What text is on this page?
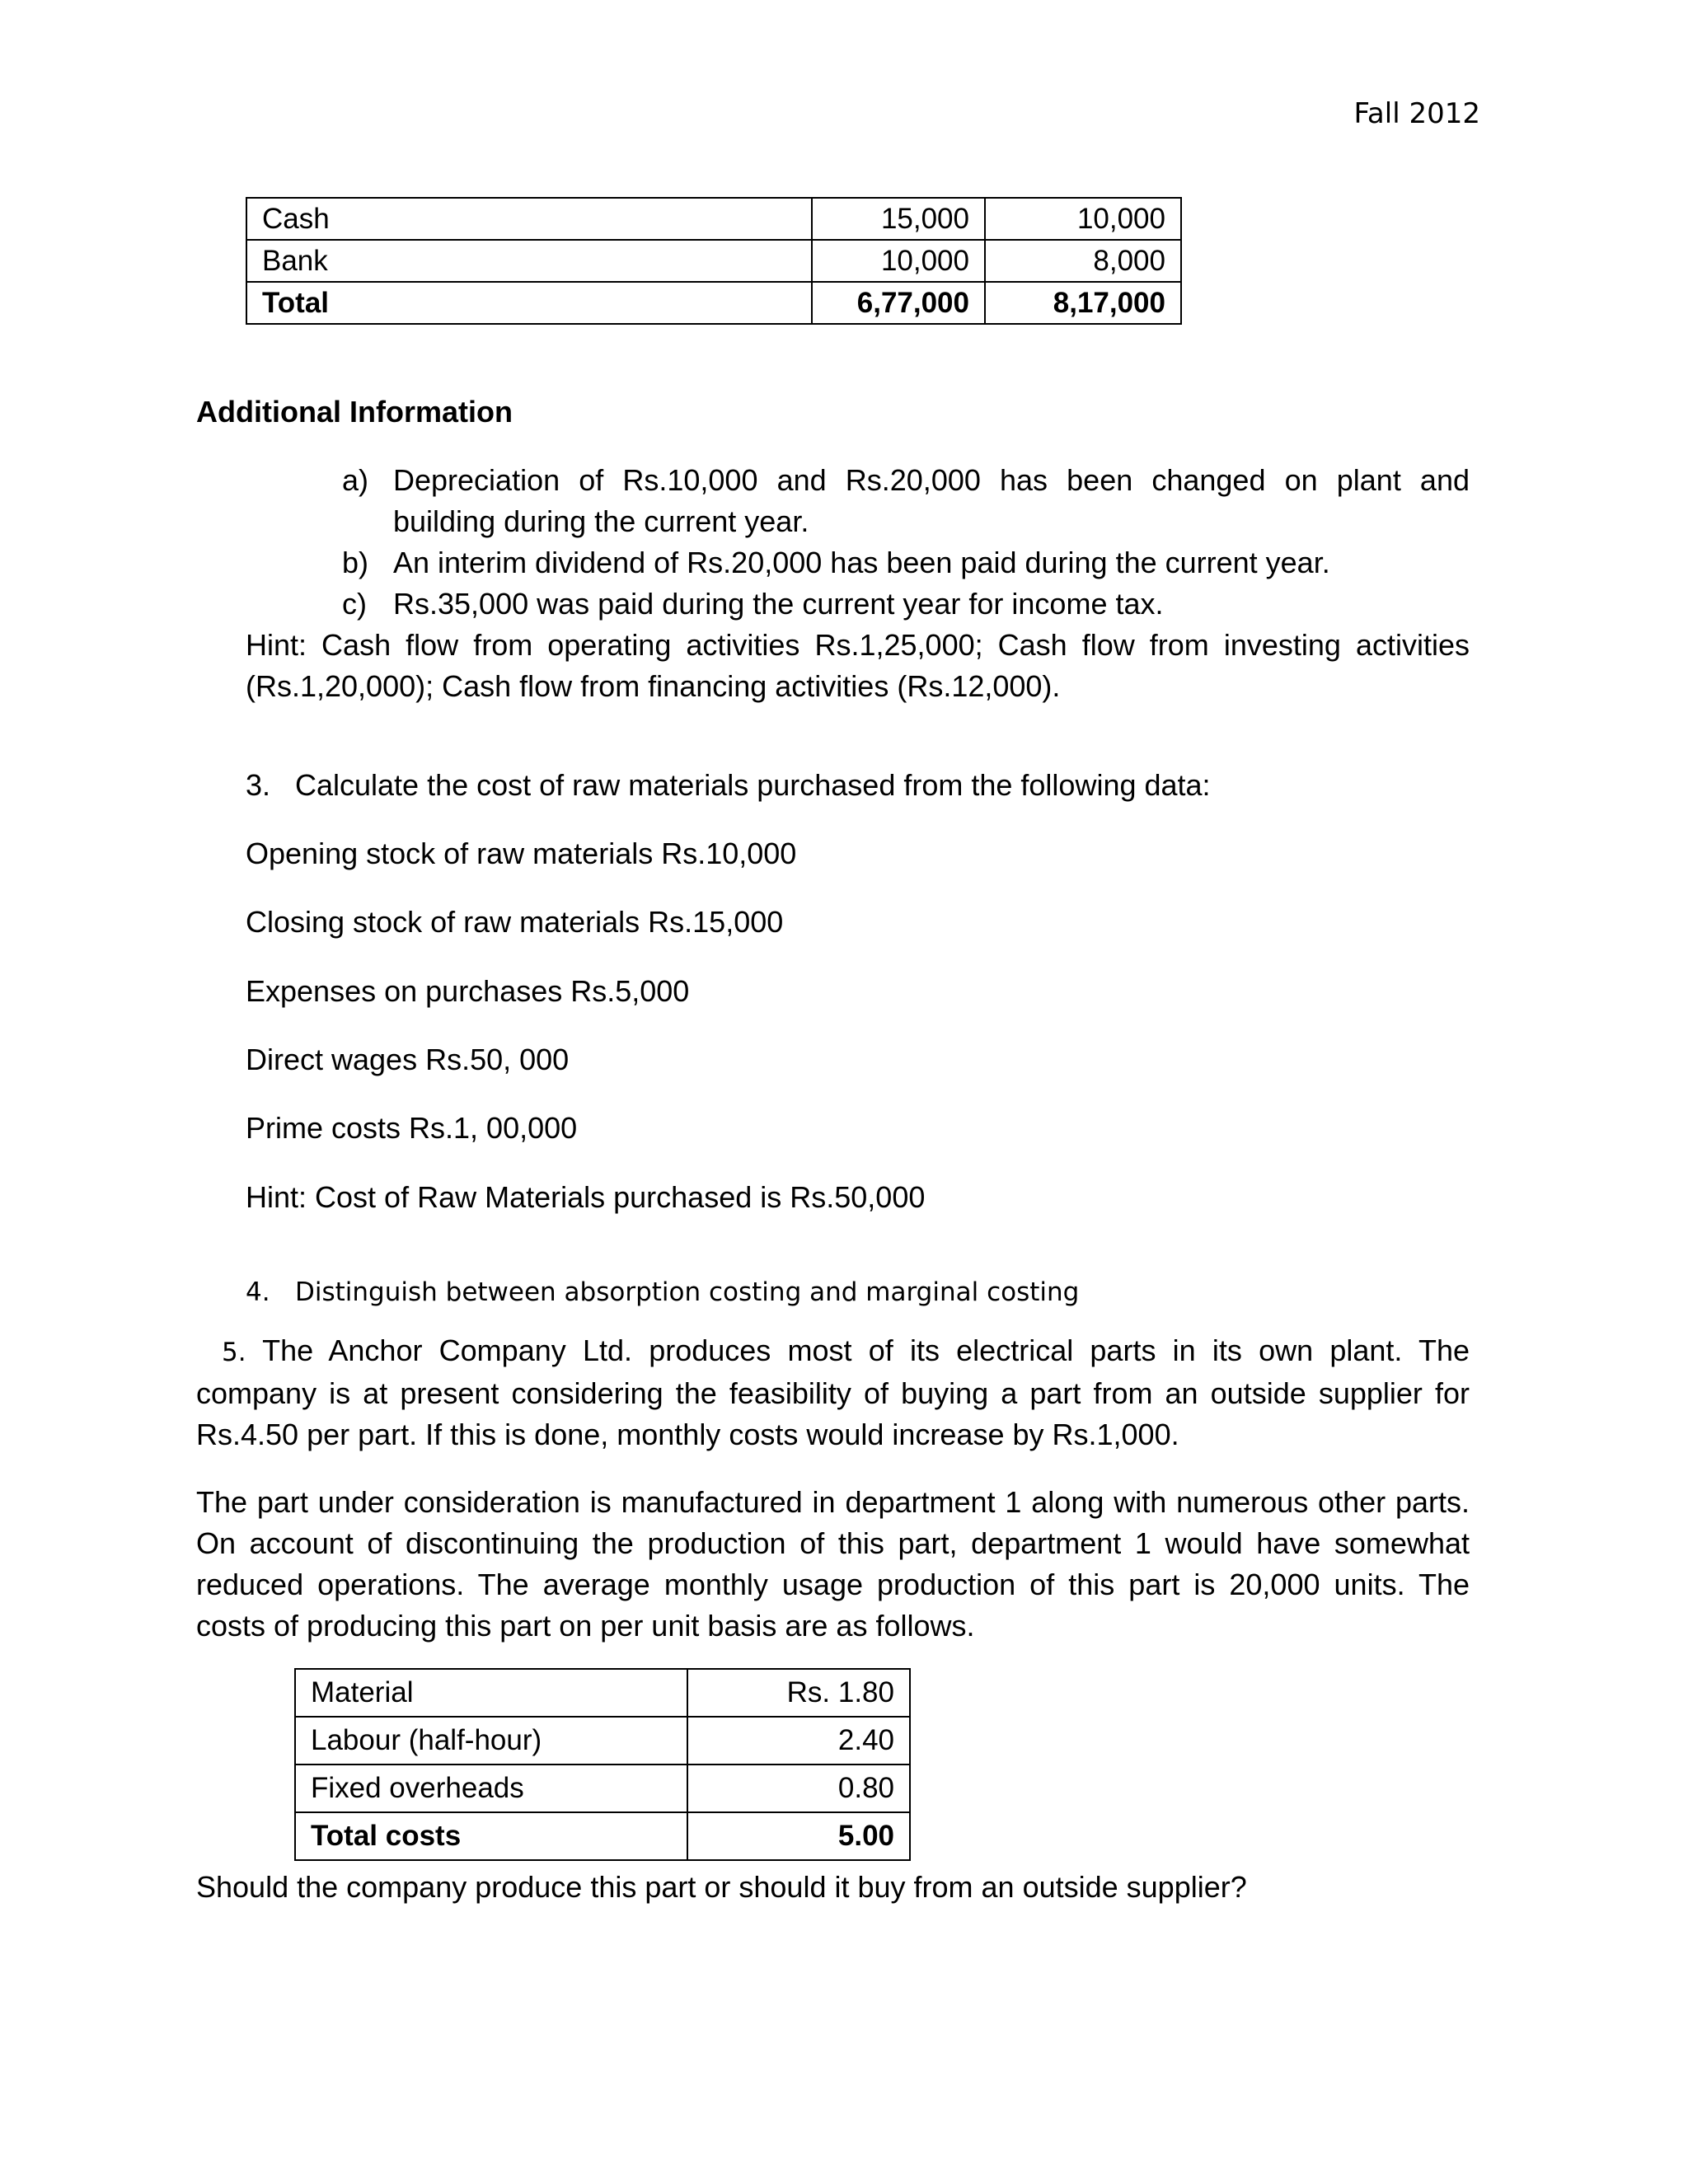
Fall 2012
Cash	15,000	10,000
Bank	10,000	8,000
Total	6,77,000	8,17,000
Additional Information
a) Depreciation of Rs.10,000 and Rs.20,000 has been changed on plant and building during the current year.
b) An interim dividend of Rs.20,000 has been paid during the current year.
c) Rs.35,000 was paid during the current year for income tax.
Hint: Cash flow from operating activities Rs.1,25,000; Cash flow from investing activities (Rs.1,20,000); Cash flow from financing activities (Rs.12,000).
3. Calculate the cost of raw materials purchased from the following data:
Opening stock of raw materials Rs.10,000
Closing stock of raw materials Rs.15,000
Expenses on purchases Rs.5,000
Direct wages Rs.50, 000
Prime costs Rs.1, 00,000
Hint: Cost of Raw Materials purchased is Rs.50,000
4. Distinguish between absorption costing and marginal costing
5. The Anchor Company Ltd. produces most of its electrical parts in its own plant. The company is at present considering the feasibility of buying a part from an outside supplier for Rs.4.50 per part. If this is done, monthly costs would increase by Rs.1,000.
The part under consideration is manufactured in department 1 along with numerous other parts. On account of discontinuing the production of this part, department 1 would have somewhat reduced operations. The average monthly usage production of this part is 20,000 units. The costs of producing this part on per unit basis are as follows.
Material	Rs. 1.80
Labour (half-hour)	2.40
Fixed overheads	0.80
Total costs	5.00
Should the company produce this part or should it buy from an outside supplier?
